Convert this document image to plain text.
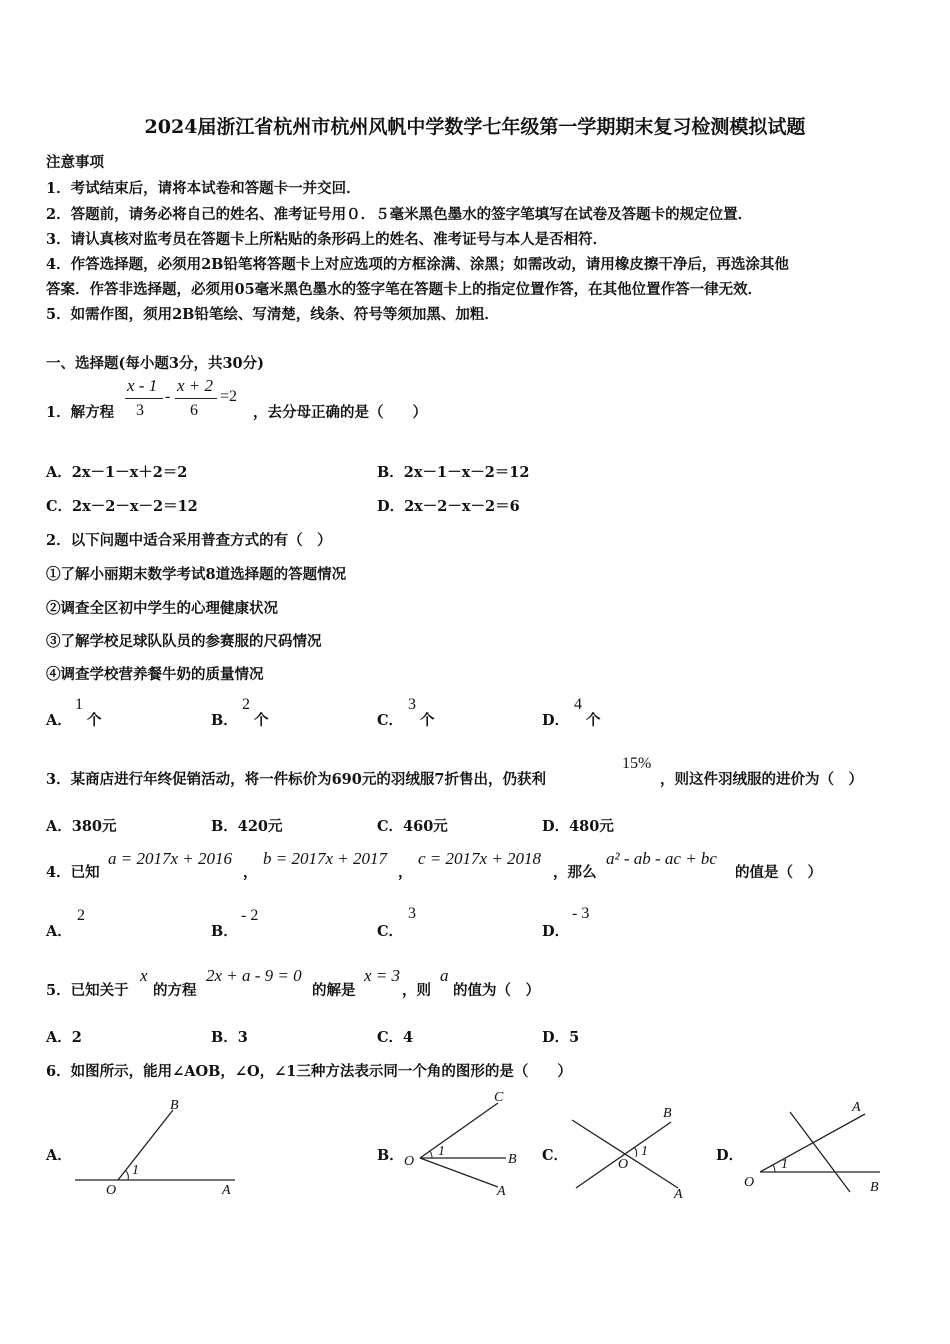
2024届浙江省杭州市杭州风帆中学数学七年级第一学期期末复习检测模拟试题
注意事项
1．考试结束后，请将本试卷和答题卡一并交回．
2．答题前，请务必将自己的姓名、准考证号用０．５毫米黑色墨水的签字笔填写在试卷及答题卡的规定位置．
3．请认真核对监考员在答题卡上所粘贴的条形码上的姓名、准考证号与本人是否相符．
4．作答选择题，必须用2B铅笔将答题卡上对应选项的方框涂满、涂黑；如需改动，请用橡皮擦干净后，再选涂其他
答案．作答非选择题，必须用05毫米黑色墨水的签字笔在答题卡上的指定位置作答，在其他位置作答一律无效．
5．如需作图，须用2B铅笔绘、写清楚，线条、符号等须加黑、加粗．
一、选择题(每小题3分，共30分)
1．解方程
x - 1
3
-
x + 2
6
=2
，去分母正确的是（　　）
A．2x－1－x＋2＝2	B．2x－1－x－2＝12
C．2x－2－x－2＝12	D．2x－2－x－2＝6
2．以下问题中适合采用普查方式的有（　）
①了解小丽期末数学考试8道选择题的答题情况
②调查全区初中学生的心理健康状况
③了解学校足球队队员的参赛服的尺码情况
④调查学校营养餐牛奶的质量情况
A．
1
个	B．
2
个	C．
3
个	D．
4
个
3．某商店进行年终促销活动，将一件标价为690元的羽绒服7折售出，仍获利
15%
，则这件羽绒服的进价为（　）
A．380元	B．420元	C．460元	D．480元
4．已知
a = 2017x + 2016
，
b = 2017x + 2017
，
c = 2017x + 2018
，那么
a² - ab - ac + bc
的值是（　）
A．
2
B．
- 2
C．
3
D．
- 3
5．已知关于
x
的方程
2x + a - 9 = 0
的解是
x = 3
，则
a
的值为（　）
A．2	B．3	C．4	D．5
6．如图所示，能用∠AOB，∠O，∠1三种方法表示同一个角的图形的是（　　）
A．	B．	C．	D．
O	A
B
1
O
1
C
B
A
O
1
B
A
O
1
A
B
